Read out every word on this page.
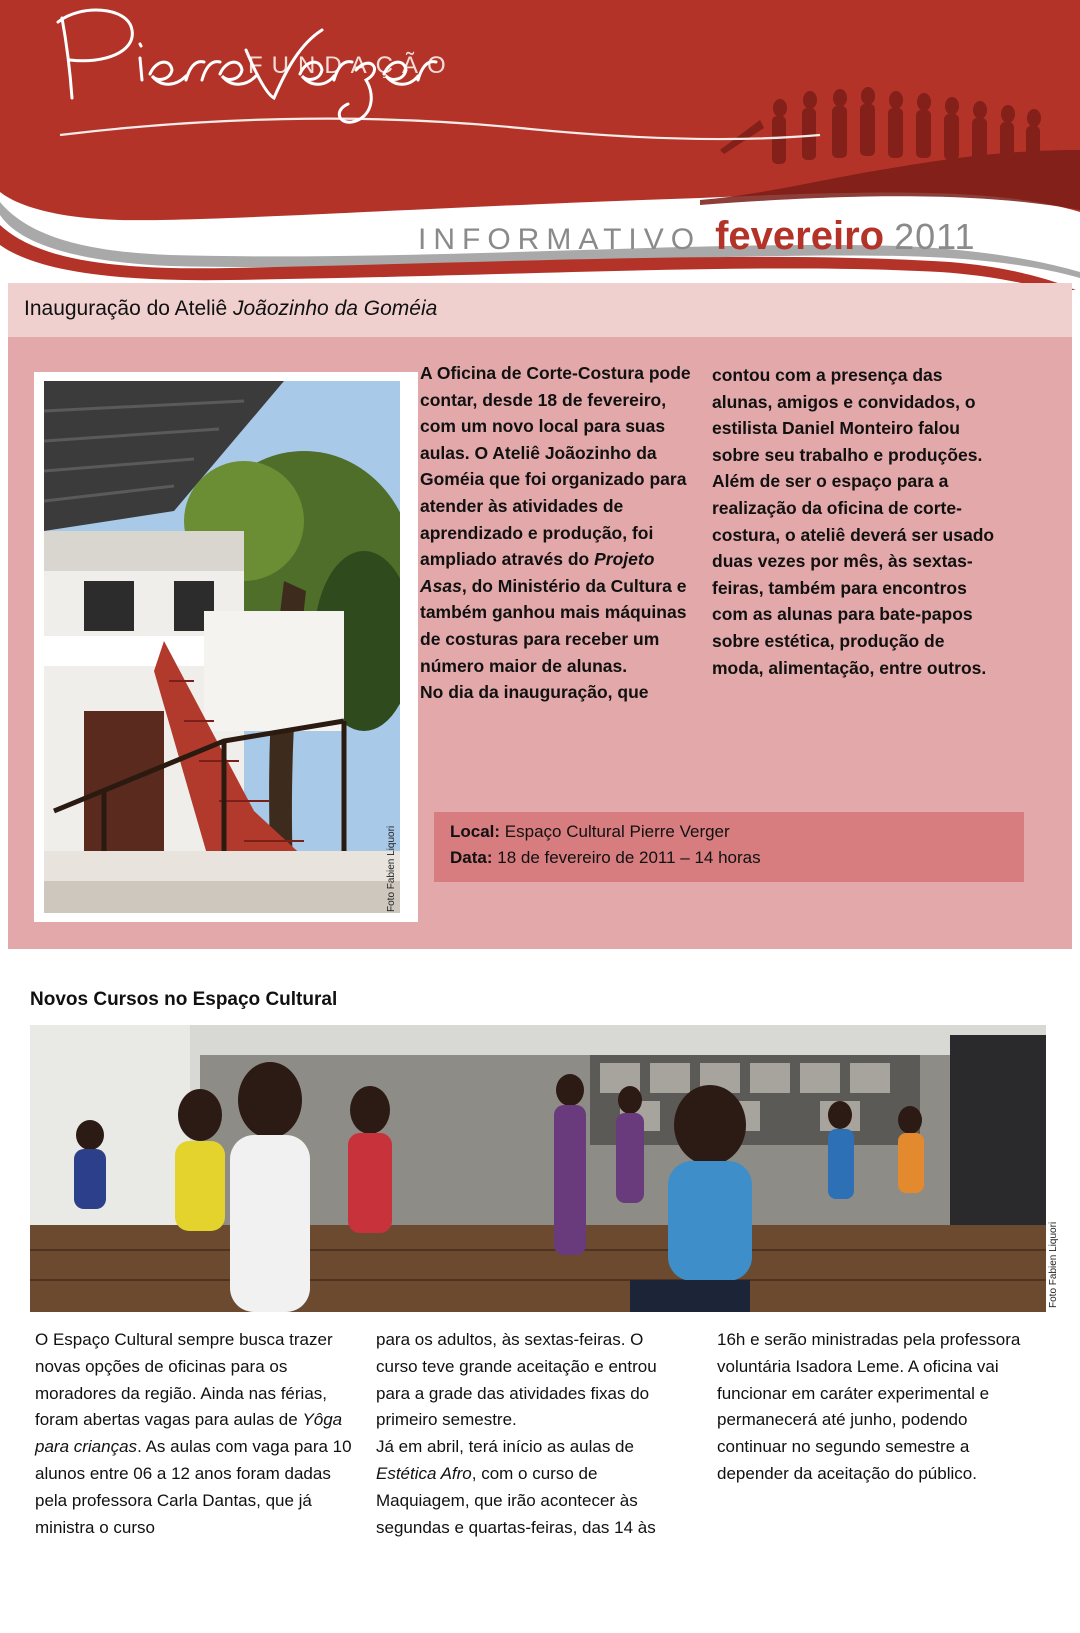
FUNDAÇÃO
INFORMATIVO fevereiro 2011
Inauguração do Ateliê Joãozinho da Goméia
Foto Fabien Liquori

A Oficina de Corte-Costura pode contar, desde 18 de fevereiro, com um novo local para suas aulas. O Ateliê Joãozinho da Goméia que foi organizado para atender às atividades de aprendizado e produção, foi ampliado através do Projeto Asas, do Ministério da Cultura e também ganhou mais máquinas de costuras para receber um número maior de alunas.

No dia da inauguração, que

contou com a presença das alunas, amigos e convidados, o estilista Daniel Monteiro falou sobre seu trabalho e produções. Além de ser o espaço para a realização da oficina de corte-costura, o ateliê deverá ser usado duas vezes por mês, às sextas-feiras, também para encontros com as alunas para bate-papos sobre estética, produção de moda, alimentação, entre outros.

Local: Espaço Cultural Pierre Verger
Data: 18 de fevereiro de 2011 – 14 horas
Novos Cursos no Espaço Cultural
Foto Fabien Liquori

O Espaço Cultural sempre busca trazer novas opções de oficinas para os moradores da região. Ainda nas férias, foram abertas vagas para aulas de Yôga para crianças. As aulas com vaga para 10 alunos entre 06 a 12 anos foram dadas pela professora Carla Dantas, que já ministra o curso

para os adultos, às sextas-feiras. O curso teve grande aceitação e entrou para a grade das atividades fixas do primeiro semestre.

Já em abril, terá início as aulas de Estética Afro, com o curso de Maquiagem, que irão acontecer às segundas e quartas-feiras, das 14 às

16h e serão ministradas pela professora voluntária Isadora Leme. A oficina vai funcionar em caráter experimental e permanecerá até junho, podendo continuar no segundo semestre a depender da aceitação do público.
